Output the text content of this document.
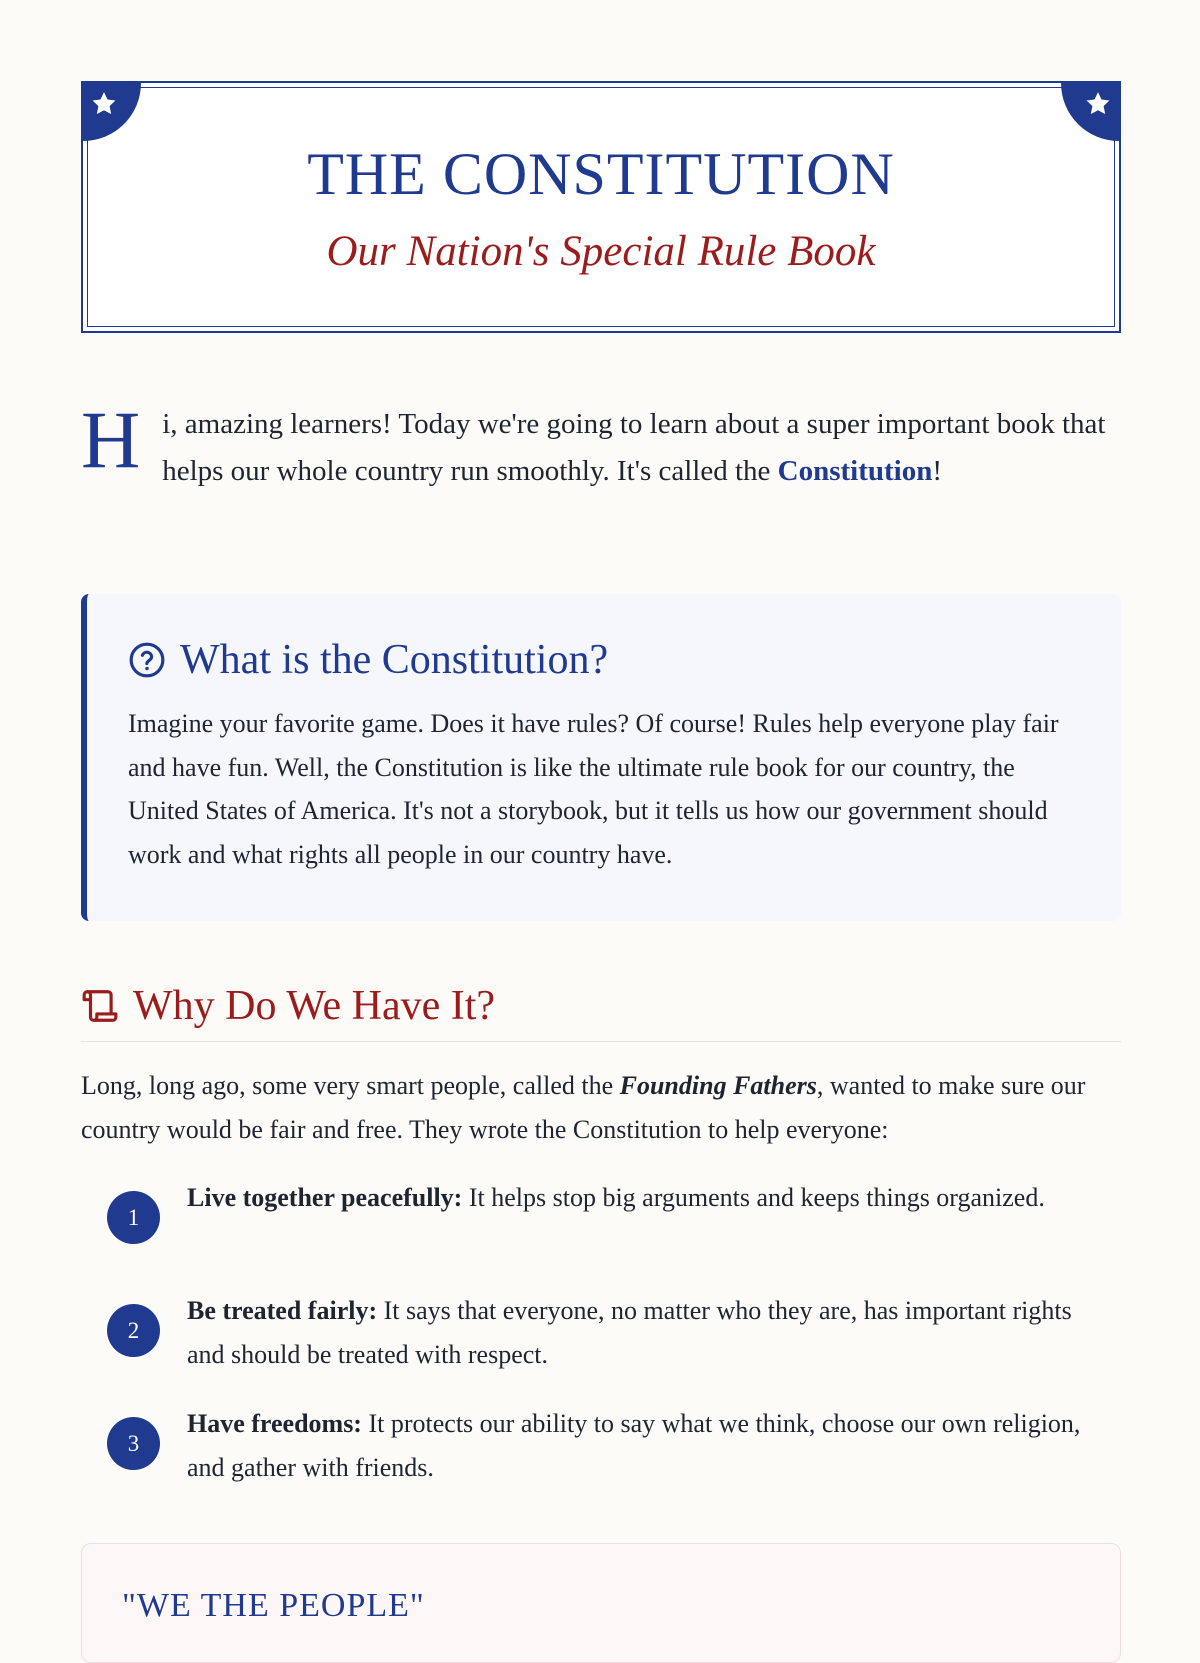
THE CONSTITUTION
Our Nation's Special Rule Book
Hi, amazing learners! Today we're going to learn about a super important book that helps our whole country run smoothly. It's called the Constitution!
What is the Constitution?
Imagine your favorite game. Does it have rules? Of course! Rules help everyone play fair and have fun. Well, the Constitution is like the ultimate rule book for our country, the United States of America. It's not a storybook, but it tells us how our government should work and what rights all people in our country have.
Why Do We Have It?
Long, long ago, some very smart people, called the Founding Fathers, wanted to make sure our country would be fair and free. They wrote the Constitution to help everyone:
1
Live together peacefully: It helps stop big arguments and keeps things organized.
2
Be treated fairly: It says that everyone, no matter who they are, has important rights and should be treated with respect.
3
Have freedoms: It protects our ability to say what we think, choose our own religion, and gather with friends.
"WE THE PEOPLE"
